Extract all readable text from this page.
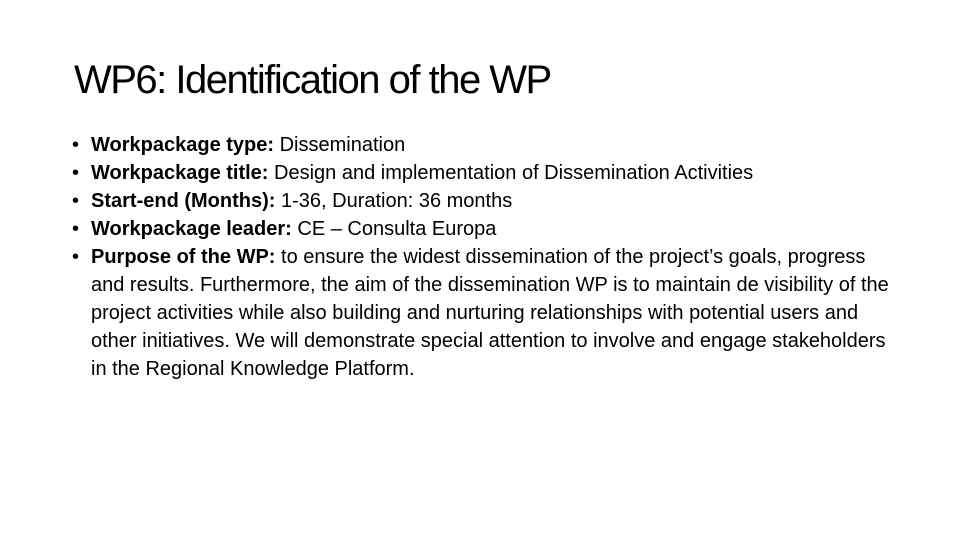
WP6: Identification of the WP
• Workpackage type: Dissemination
• Workpackage title: Design and implementation of Dissemination Activities
• Start-end (Months): 1-36, Duration: 36 months
• Workpackage leader: CE – Consulta Europa
• Purpose of the WP: to ensure the widest dissemination of the project’s goals, progress and results. Furthermore, the aim of the dissemination WP is to maintain de visibility of the project activities while also building and nurturing relationships with potential users and other initiatives. We will demonstrate special attention to involve and engage stakeholders in the Regional Knowledge Platform.
